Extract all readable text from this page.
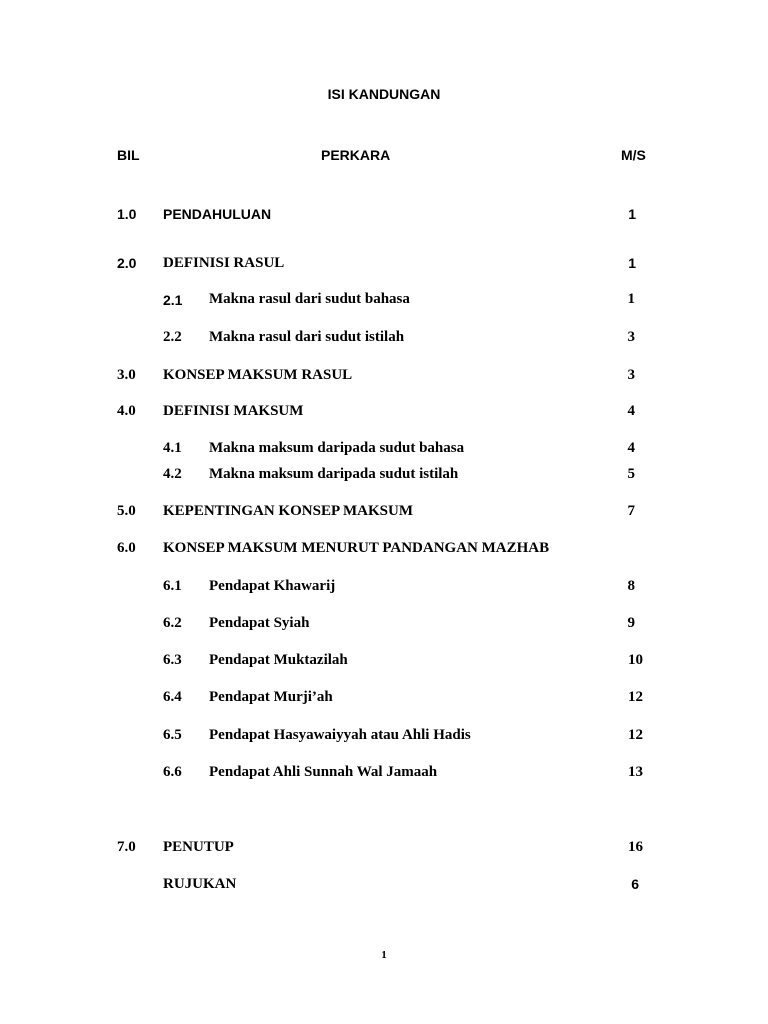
ISI KANDUNGAN
BIL	PERKARA	M/S
1.0 PENDAHULUAN	1
2.0 DEFINISI RASUL	1
2.1 Makna rasul dari sudut bahasa	1
2.2 Makna rasul dari sudut istilah	3
3.0 KONSEP MAKSUM RASUL	3
4.0 DEFINISI MAKSUM	4
4.1 Makna maksum daripada sudut bahasa	4
4.2 Makna maksum daripada sudut istilah	5
5.0 KEPENTINGAN KONSEP MAKSUM	7
6.0 KONSEP MAKSUM MENURUT PANDANGAN MAZHAB
6.1 Pendapat Khawarij	8
6.2 Pendapat Syiah	9
6.3 Pendapat Muktazilah	10
6.4 Pendapat Murji’ah	12
6.5 Pendapat Hasyawaiyyah atau Ahli Hadis	12
6.6 Pendapat Ahli Sunnah Wal Jamaah	13
7.0 PENUTUP	16
RUJUKAN	6
1
